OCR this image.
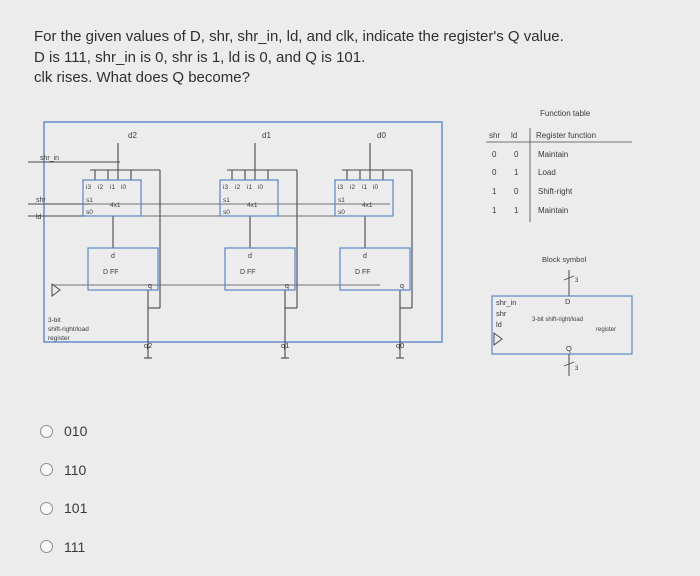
For the given values of D, shr, shr_in, ld, and clk, indicate the register's Q value.
D is 111, shr_in is 0, shr is 1, ld is 0, and Q is 101.
clk rises. What does Q become?
shr_in
shr
ld
d2	d1	d0
i3 i2 i1 i0
4x1
s1
s0
i3 i2 i1 i0
4x1
s1
s0
i3 i2 i1 i0
4x1
s1
s0
d
D FF
q
d
D FF
q
d
D FF
q
q2	q1	q0
3-bit
shift-right/load
register
Function table
shr ld Register function
0 0 Maintain
0 1 Load
1 0 Shift-right
1 1 Maintain
Block symbol
3
D
shr_in
shr
ld	3-bit shift-right/load
register
Q
3
010
110
101
111
